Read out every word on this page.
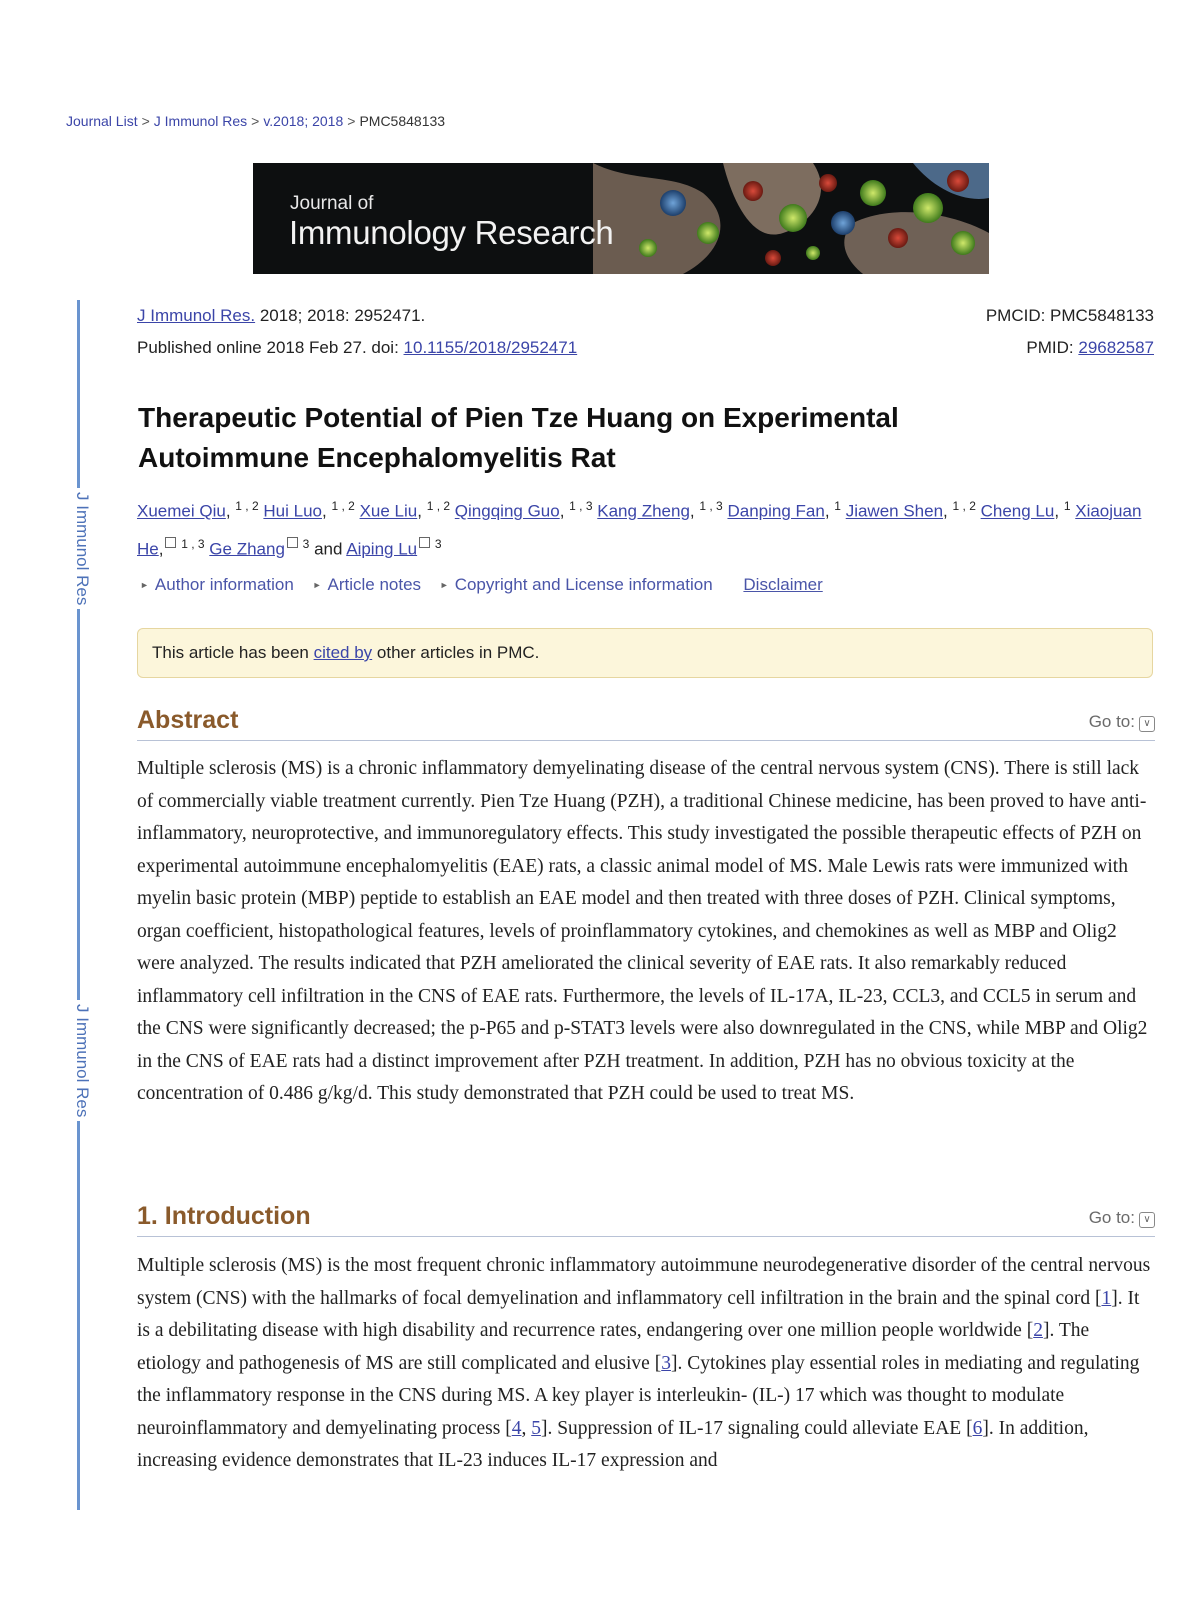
Journal List > J Immunol Res > v.2018; 2018 > PMC5848133
Journal of
Immunology Research
J Immunol Res
J Immunol Res
J Immunol Res. 2018; 2018: 2952471.
Published online 2018 Feb 27. doi: 10.1155/2018/2952471
PMCID: PMC5848133
PMID: 29682587
Therapeutic Potential of Pien Tze Huang on Experimental Autoimmune Encephalomyelitis Rat
Xuemei Qiu, $^{1 , 2}$ Hui Luo, $^{1 , 2}$ Xue Liu, $^{1 , 2}$ Qingqing Guo, $^{1 , 3}$ Kang Zheng, $^{1 , 3}$ Danping Fan, $^1$ Jiawen Shen, $^{1 , 2}$ Cheng Lu, $^1$ Xiaojuan He, $^{1 , 3}$ Ge Zhang $^3$ and Aiping Lu $^3$
► Author information ► Article notes ► Copyright and License information Disclaimer
This article has been cited by other articles in PMC.
Abstract	Go to: ∨

Multiple sclerosis (MS) is a chronic inflammatory demyelinating disease of the central nervous system (CNS). There is still lack of commercially viable treatment currently. Pien Tze Huang (PZH), a traditional Chinese medicine, has been proved to have anti-inflammatory, neuroprotective, and immunoregulatory effects. This study investigated the possible therapeutic effects of PZH on experimental autoimmune encephalomyelitis (EAE) rats, a classic animal model of MS. Male Lewis rats were immunized with myelin basic protein (MBP) peptide to establish an EAE model and then treated with three doses of PZH. Clinical symptoms, organ coefficient, histopathological features, levels of proinflammatory cytokines, and chemokines as well as MBP and Olig2 were analyzed. The results indicated that PZH ameliorated the clinical severity of EAE rats. It also remarkably reduced inflammatory cell infiltration in the CNS of EAE rats. Furthermore, the levels of IL-17A, IL-23, CCL3, and CCL5 in serum and the CNS were significantly decreased; the p-P65 and p-STAT3 levels were also downregulated in the CNS, while MBP and Olig2 in the CNS of EAE rats had a distinct improvement after PZH treatment. In addition, PZH has no obvious toxicity at the concentration of 0.486 g/kg/d. This study demonstrated that PZH could be used to treat MS.

1. Introduction	Go to: ∨

Multiple sclerosis (MS) is the most frequent chronic inflammatory autoimmune neurodegenerative disorder of the central nervous system (CNS) with the hallmarks of focal demyelination and inflammatory cell infiltration in the brain and the spinal cord [1]. It is a debilitating disease with high disability and recurrence rates, endangering over one million people worldwide [2]. The etiology and pathogenesis of MS are still complicated and elusive [3]. Cytokines play essential roles in mediating and regulating the inflammatory response in the CNS during MS. A key player is interleukin- (IL-) 17 which was thought to modulate neuroinflammatory and demyelinating process [4, 5]. Suppression of IL-17 signaling could alleviate EAE [6]. In addition, increasing evidence demonstrates that IL-23 induces IL-17 expression and
